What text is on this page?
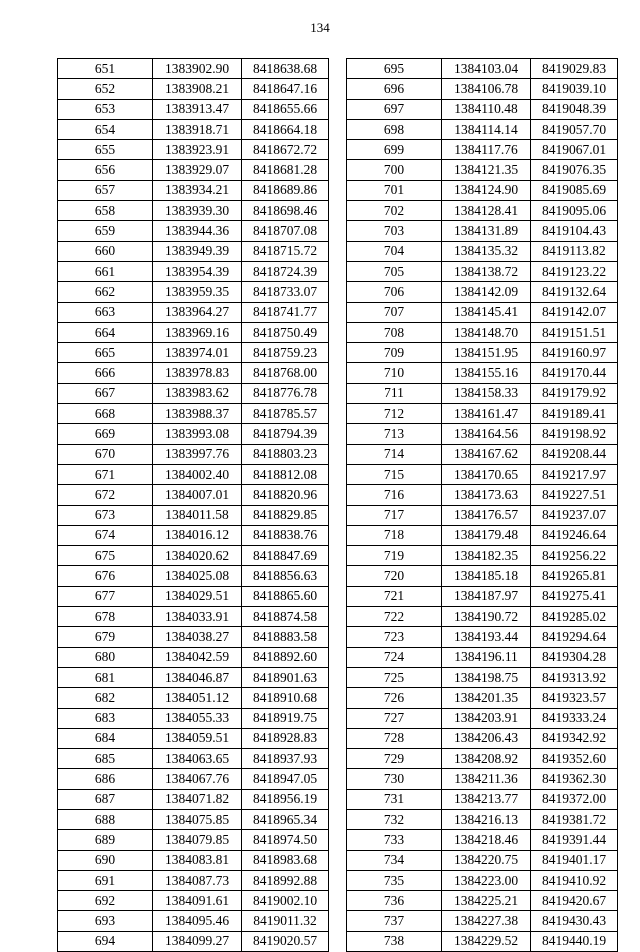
134
651	1383902.90	8418638.68
652	1383908.21	8418647.16
653	1383913.47	8418655.66
654	1383918.71	8418664.18
655	1383923.91	8418672.72
656	1383929.07	8418681.28
657	1383934.21	8418689.86
658	1383939.30	8418698.46
659	1383944.36	8418707.08
660	1383949.39	8418715.72
661	1383954.39	8418724.39
662	1383959.35	8418733.07
663	1383964.27	8418741.77
664	1383969.16	8418750.49
665	1383974.01	8418759.23
666	1383978.83	8418768.00
667	1383983.62	8418776.78
668	1383988.37	8418785.57
669	1383993.08	8418794.39
670	1383997.76	8418803.23
671	1384002.40	8418812.08
672	1384007.01	8418820.96
673	1384011.58	8418829.85
674	1384016.12	8418838.76
675	1384020.62	8418847.69
676	1384025.08	8418856.63
677	1384029.51	8418865.60
678	1384033.91	8418874.58
679	1384038.27	8418883.58
680	1384042.59	8418892.60
681	1384046.87	8418901.63
682	1384051.12	8418910.68
683	1384055.33	8418919.75
684	1384059.51	8418928.83
685	1384063.65	8418937.93
686	1384067.76	8418947.05
687	1384071.82	8418956.19
688	1384075.85	8418965.34
689	1384079.85	8418974.50
690	1384083.81	8418983.68
691	1384087.73	8418992.88
692	1384091.61	8419002.10
693	1384095.46	8419011.32
694	1384099.27	8419020.57
695	1384103.04	8419029.83
696	1384106.78	8419039.10
697	1384110.48	8419048.39
698	1384114.14	8419057.70
699	1384117.76	8419067.01
700	1384121.35	8419076.35
701	1384124.90	8419085.69
702	1384128.41	8419095.06
703	1384131.89	8419104.43
704	1384135.32	8419113.82
705	1384138.72	8419123.22
706	1384142.09	8419132.64
707	1384145.41	8419142.07
708	1384148.70	8419151.51
709	1384151.95	8419160.97
710	1384155.16	8419170.44
711	1384158.33	8419179.92
712	1384161.47	8419189.41
713	1384164.56	8419198.92
714	1384167.62	8419208.44
715	1384170.65	8419217.97
716	1384173.63	8419227.51
717	1384176.57	8419237.07
718	1384179.48	8419246.64
719	1384182.35	8419256.22
720	1384185.18	8419265.81
721	1384187.97	8419275.41
722	1384190.72	8419285.02
723	1384193.44	8419294.64
724	1384196.11	8419304.28
725	1384198.75	8419313.92
726	1384201.35	8419323.57
727	1384203.91	8419333.24
728	1384206.43	8419342.92
729	1384208.92	8419352.60
730	1384211.36	8419362.30
731	1384213.77	8419372.00
732	1384216.13	8419381.72
733	1384218.46	8419391.44
734	1384220.75	8419401.17
735	1384223.00	8419410.92
736	1384225.21	8419420.67
737	1384227.38	8419430.43
738	1384229.52	8419440.19
